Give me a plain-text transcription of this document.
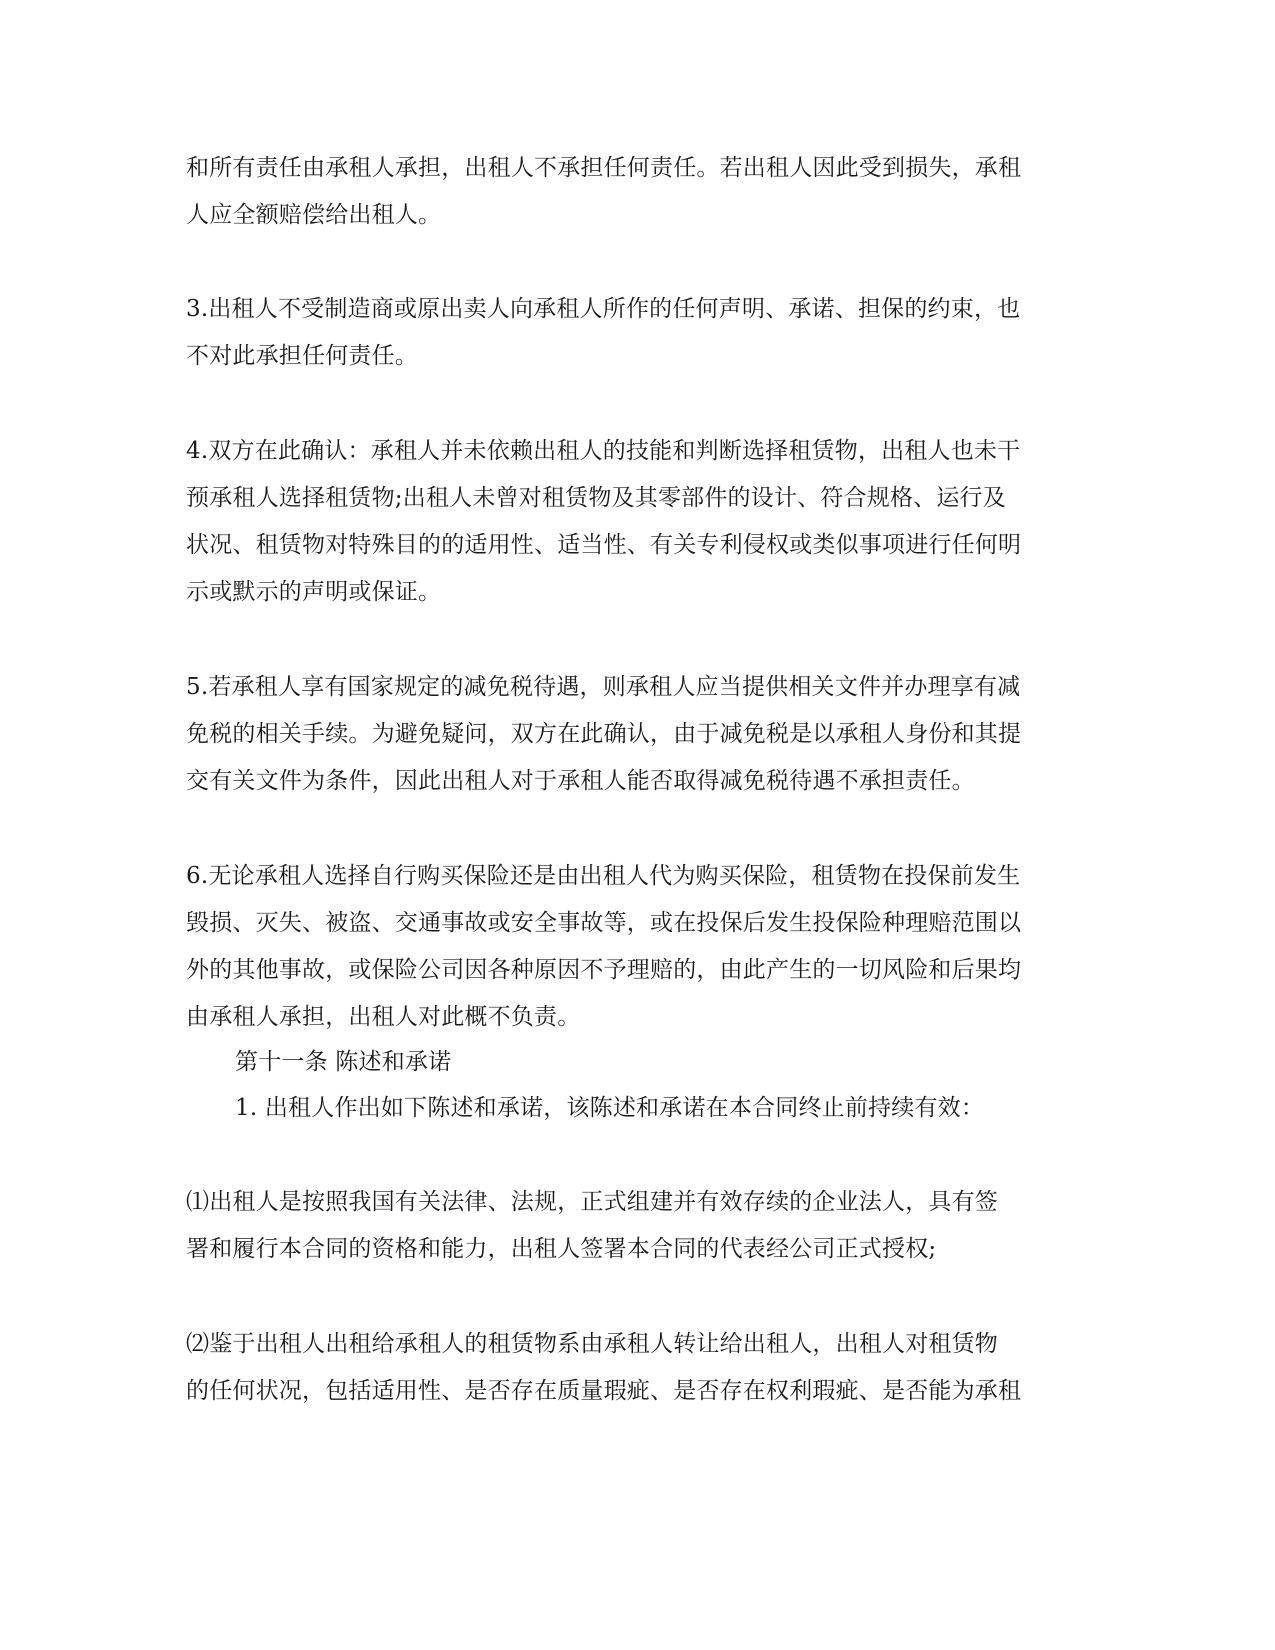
和所有责任由承租人承担，出租人不承担任何责任。若出租人因此受到损失，承租
人应全额赔偿给出租人。
3.出租人不受制造商或原出卖人向承租人所作的任何声明、承诺、担保的约束，也
不对此承担任何责任。
4.双方在此确认：承租人并未依赖出租人的技能和判断选择租赁物，出租人也未干
预承租人选择租赁物;出租人未曾对租赁物及其零部件的设计、符合规格、运行及
状况、租赁物对特殊目的的适用性、适当性、有关专利侵权或类似事项进行任何明
示或默示的声明或保证。
5.若承租人享有国家规定的减免税待遇，则承租人应当提供相关文件并办理享有减
免税的相关手续。为避免疑问，双方在此确认，由于减免税是以承租人身份和其提
交有关文件为条件，因此出租人对于承租人能否取得减免税待遇不承担责任。
6.无论承租人选择自行购买保险还是由出租人代为购买保险，租赁物在投保前发生
毁损、灭失、被盗、交通事故或安全事故等，或在投保后发生投保险种理赔范围以
外的其他事故，或保险公司因各种原因不予理赔的，由此产生的一切风险和后果均
由承租人承担，出租人对此概不负责。
第十一条 陈述和承诺
1. 出租人作出如下陈述和承诺，该陈述和承诺在本合同终止前持续有效：
⑴出租人是按照我国有关法律、法规，正式组建并有效存续的企业法人，具有签
署和履行本合同的资格和能力，出租人签署本合同的代表经公司正式授权;
⑵鉴于出租人出租给承租人的租赁物系由承租人转让给出租人，出租人对租赁物
的任何状况，包括适用性、是否存在质量瑕疵、是否存在权利瑕疵、是否能为承租
